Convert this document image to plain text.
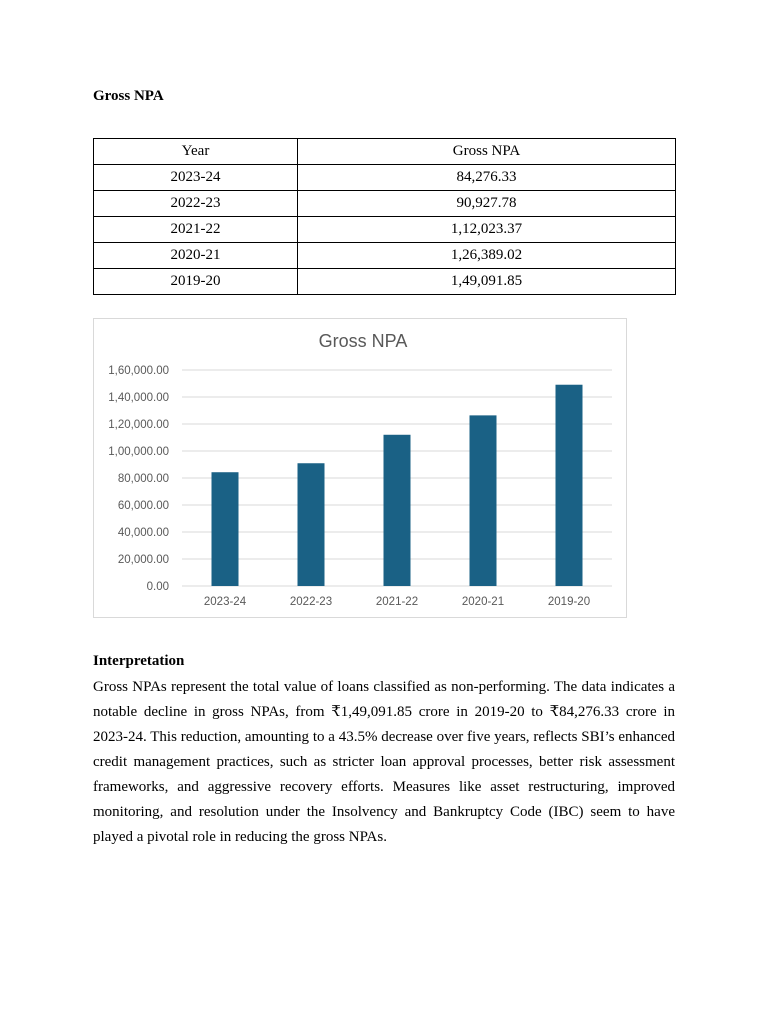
Gross NPA
Year	Gross NPA
2023-24	84,276.33
2022-23	90,927.78
2021-22	1,12,023.37
2020-21	1,26,389.02
2019-20	1,49,091.85
Gross NPA
0.00
20,000.00
40,000.00
60,000.00
80,000.00
1,00,000.00
1,20,000.00
1,40,000.00
1,60,000.00
2023-24	2022-23	2021-22	2020-21	2019-20
Interpretation

Gross NPAs represent the total value of loans classified as non-performing. The data indicates a notable decline in gross NPAs, from ₹1,49,091.85 crore in 2019-20 to ₹84,276.33 crore in 2023-24. This reduction, amounting to a 43.5% decrease over five years, reflects SBI’s enhanced credit management practices, such as stricter loan approval processes, better risk assessment frameworks, and aggressive recovery efforts. Measures like asset restructuring, improved monitoring, and resolution under the Insolvency and Bankruptcy Code (IBC) seem to have played a pivotal role in reducing the gross NPAs.
